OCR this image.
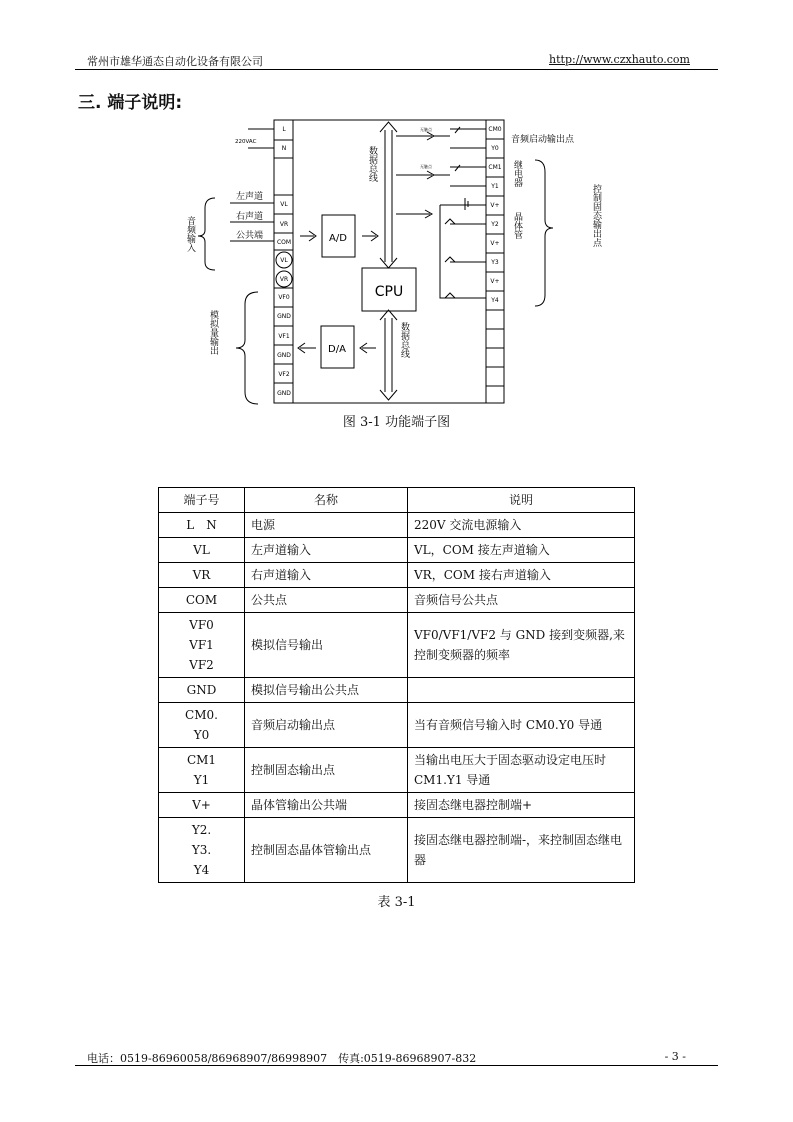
常州市雄华通态自动化设备有限公司	http://www.czxhauto.com
三. 端子说明:
L
N
VL
VR
COM
VL
VR
VF0
GND
VF1
GND
VF2
GND
CM0
Y0
CM1
Y1
V+
Y2
V+
Y3
V+
Y4
220VAC
左声道
右声道
公共端
音频输入
模拟量输出
A/D
D/A
CPU
数据总线
数据总线
无触点
无触点
音频启动输出点
继电器
晶体管	控制固态输出点
图 3-1 功能端子图
端子号	名称	说明
L　N	电源	220V 交流电源输入
VL	左声道输入	VL，COM 接左声道输入
VR	右声道输入	VR，COM 接右声道输入
COM	公共点	音频信号公共点

VF0
VF1
VF2	模拟信号输出	VF0/VF1/VF2 与 GND 接到变频器,来控制变频器的频率
GND	模拟信号输出公共点	

CM0.
Y0	音频启动输出点	当有音频信号输入时 CM0.Y0 导通

CM1
Y1	控制固态输出点	当输出电压大于固态驱动设定电压时 CM1.Y1 导通
V+	晶体管输出公共端	接固态继电器控制端+

Y2.
Y3.
Y4	控制固态晶体管输出点	接固态继电器控制端-，来控制固态继电器
表 3-1
电话：0519-86960058/86968907/86998907　传真:0519-86968907-832	- 3 -
